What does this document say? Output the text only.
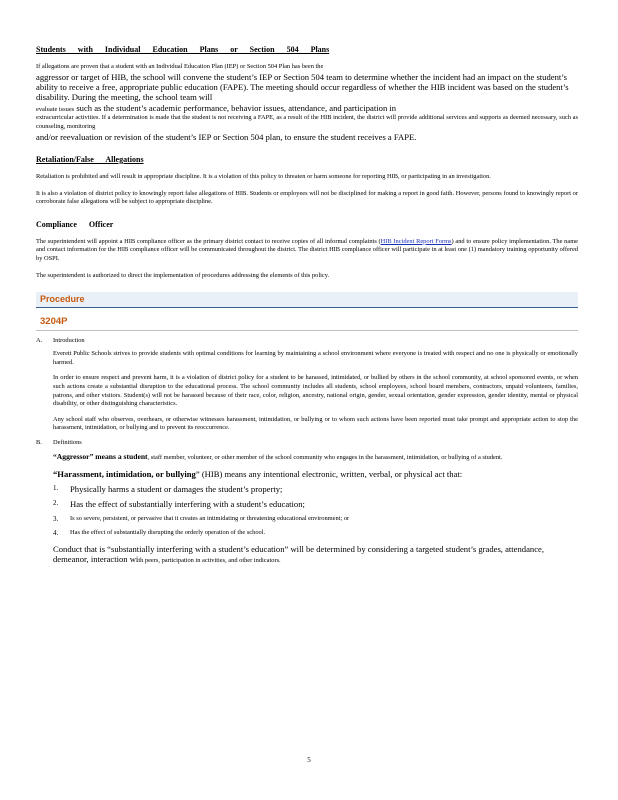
Students with Individual Education Plans or Section 504 Plans

If allegations are proven that a student with an Individual Education Plan (IEP) or Section 504 Plan has been the

aggressor or target of HIB, the school will convene the student’s IEP or Section 504 team to determine whether the incident had an impact on the student’s ability to receive a free, appropriate public education (FAPE). The meeting should occur regardless of whether the HIB incident was based on the student’s disability. During the meeting, the school team will

evaluate issues such as the student’s academic performance, behavior issues, attendance, and participation in

extracurricular activities. If a determination is made that the student is not receiving a FAPE, as a result of the HIB incident, the district will provide additional services and supports as deemed necessary, such as counseling, monitoring

and/or reevaluation or revision of the student’s IEP or Section 504 plan, to ensure the student receives a FAPE.

Retaliation/False Allegations

Retaliation is prohibited and will result in appropriate discipline. It is a violation of this policy to threaten or harm someone for reporting HIB, or participating in an investigation.

It is also a violation of district policy to knowingly report false allegations of HIB. Students or employees will not be disciplined for making a report in good faith. However, persons found to knowingly report or corroborate false allegations will be subject to appropriate discipline.

Compliance Officer

The superintendent will appoint a HIB compliance officer as the primary district contact to receive copies of all informal complaints (HIB Incident Report Forms) and to ensure policy implementation. The name and contact information for the HIB compliance officer will be communicated throughout the district. The district HIB compliance officer will participate in at least one (1) mandatory training opportunity offered by OSPI.

The superintendent is authorized to direct the implementation of procedures addressing the elements of this policy.

Procedure
3204P
A. Introduction

Everett Public Schools strives to provide students with optimal conditions for learning by maintaining a school environment where everyone is treated with respect and no one is physically or emotionally harmed.

In order to ensure respect and prevent harm, it is a violation of district policy for a student to be harassed, intimidated, or bullied by others in the school community, at school sponsored events, or when such actions create a substantial disruption to the educational process. The school community includes all students, school employees, school board members, contractors, unpaid volunteers, families, patrons, and other visitors. Student(s) will not be harassed because of their race, color, religion, ancestry, national origin, gender, sexual orientation, gender expression, gender identity, mental or physical disability, or other distinguishing characteristics.

Any school staff who observes, overhears, or otherwise witnesses harassment, intimidation, or bullying or to whom such actions have been reported must take prompt and appropriate action to stop the harassment, intimidation, or bullying and to prevent its reoccurrence.

B. Definitions

“Aggressor” means a student, staff member, volunteer, or other member of the school community who engages in the harassment, intimidation, or bullying of a student.

“Harassment, intimidation, or bullying” (HIB) means any intentional electronic, written, verbal, or physical act that:

1.	Physically harms a student or damages the student’s property;
2.	Has the effect of substantially interfering with a student’s education;
3.	Is so severe, persistent, or pervasive that it creates an intimidating or threatening educational environment; or
4.	Has the effect of substantially disrupting the orderly operation of the school.

Conduct that is “substantially interfering with a student’s education” will be determined by considering a targeted student’s grades, attendance, demeanor, interaction with peers, participation in activities, and other indicators.

5
